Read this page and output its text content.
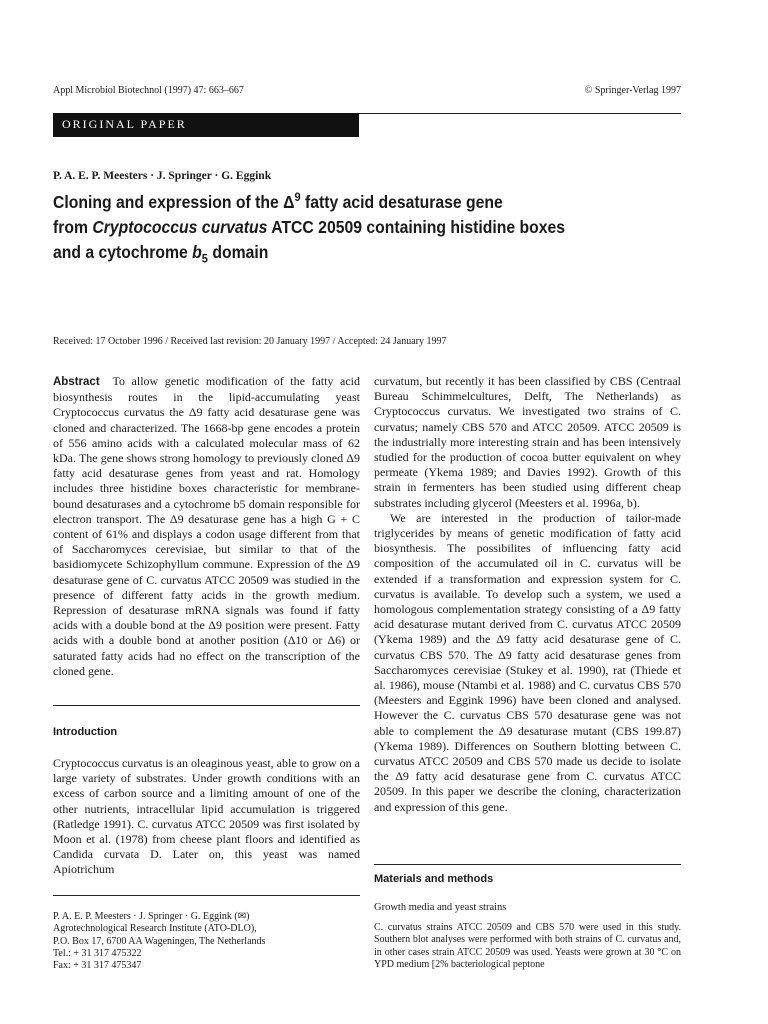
Appl Microbiol Biotechnol (1997) 47: 663–667	© Springer-Verlag 1997
ORIGINAL PAPER
P. A. E. P. Meesters · J. Springer · G. Eggink
Cloning and expression of the $\Delta^9$ fatty acid desaturase gene
from Cryptococcus curvatus ATCC 20509 containing histidine boxes
and a cytochrome $b_5$ domain
Received: 17 October 1996 / Received last revision: 20 January 1997 / Accepted: 24 January 1997

Abstract To allow genetic modification of the fatty acid biosynthesis routes in the lipid-accumulating yeast Cryptococcus curvatus the Δ9 fatty acid desaturase gene was cloned and characterized. The 1668-bp gene encodes a protein of 556 amino acids with a calculated molecular mass of 62 kDa. The gene shows strong homology to previously cloned Δ9 fatty acid desaturase genes from yeast and rat. Homology includes three histidine boxes characteristic for membrane-bound desaturases and a cytochrome b5 domain responsible for electron transport. The Δ9 desaturase gene has a high G + C content of 61% and displays a codon usage different from that of Saccharomyces cerevisiae, but similar to that of the basidiomycete Schizophyllum commune. Expression of the Δ9 desaturase gene of C. curvatus ATCC 20509 was studied in the presence of different fatty acids in the growth medium. Repression of desaturase mRNA signals was found if fatty acids with a double bond at the Δ9 position were present. Fatty acids with a double bond at another position (Δ10 or Δ6) or saturated fatty acids had no effect on the transcription of the cloned gene.

Introduction

Cryptococcus curvatus is an oleaginous yeast, able to grow on a large variety of substrates. Under growth conditions with an excess of carbon source and a limiting amount of one of the other nutrients, intracellular lipid accumulation is triggered (Ratledge 1991). C. curvatus ATCC 20509 was first isolated by Moon et al. (1978) from cheese plant floors and identified as Candida curvata D. Later on, this yeast was named Apiotrichum

P. A. E. P. Meesters · J. Springer · G. Eggink (✉)
Agrotechnological Research Institute (ATO-DLO),
P.O. Box 17, 6700 AA Wageningen, The Netherlands
Tel.: + 31 317 475322
Fax: + 31 317 475347

curvatum, but recently it has been classified by CBS (Centraal Bureau Schimmelcultures, Delft, The Netherlands) as Cryptococcus curvatus. We investigated two strains of C. curvatus; namely CBS 570 and ATCC 20509. ATCC 20509 is the industrially more interesting strain and has been intensively studied for the production of cocoa butter equivalent on whey permeate (Ykema 1989; and Davies 1992). Growth of this strain in fermenters has been studied using different cheap substrates including glycerol (Meesters et al. 1996a, b).

We are interested in the production of tailor-made triglycerides by means of genetic modification of fatty acid biosynthesis. The possibilites of influencing fatty acid composition of the accumulated oil in C. curvatus will be extended if a transformation and expression system for C. curvatus is available. To develop such a system, we used a homologous complementation strategy consisting of a Δ9 fatty acid desaturase mutant derived from C. curvatus ATCC 20509 (Ykema 1989) and the Δ9 fatty acid desaturase gene of C. curvatus CBS 570. The Δ9 fatty acid desaturase genes from Saccharomyces cerevisiae (Stukey et al. 1990), rat (Thiede et al. 1986), mouse (Ntambi et al. 1988) and C. curvatus CBS 570 (Meesters and Eggink 1996) have been cloned and analysed. However the C. curvatus CBS 570 desaturase gene was not able to complement the Δ9 desaturase mutant (CBS 199.87) (Ykema 1989). Differences on Southern blotting between C. curvatus ATCC 20509 and CBS 570 made us decide to isolate the Δ9 fatty acid desaturase gene from C. curvatus ATCC 20509. In this paper we describe the cloning, characterization and expression of this gene.

Materials and methods
Growth media and yeast strains
C. curvatus strains ATCC 20509 and CBS 570 were used in this study. Southern blot analyses were performed with both strains of C. curvatus and, in other cases strain ATCC 20509 was used. Yeasts were grown at 30 °C on YPD medium [2% bacteriological peptone
